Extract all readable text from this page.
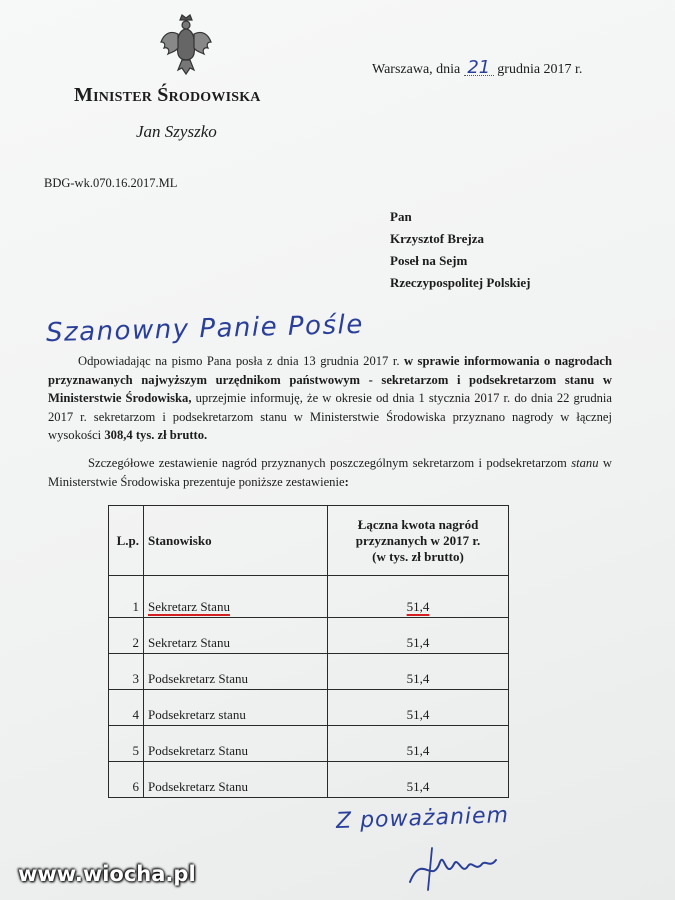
Minister Środowiska
Jan Szyszko
Warszawa, dnia 21 grudnia 2017 r.
BDG-wk.070.16.2017.ML
Pan
Krzysztof Brejza
Poseł na Sejm
Rzeczypospolitej Polskiej
Szanowny Panie Pośle
Odpowiadając na pismo Pana posła z dnia 13 grudnia 2017 r. w sprawie informowania o nagrodach przyznawanych najwyższym urzędnikom państwowym - sekretarzom i podsekretarzom stanu w Ministerstwie Środowiska, uprzejmie informuję, że w okresie od dnia 1 stycznia 2017 r. do dnia 22 grudnia 2017 r. sekretarzom i podsekretarzom stanu w Ministerstwie Środowiska przyznano nagrody w łącznej wysokości 308,4 tys. zł brutto.
Szczegółowe zestawienie nagród przyznanych poszczególnym sekretarzom i podsekretarzom stanu w Ministerstwie Środowiska prezentuje poniższe zestawienie:
L.p.	Stanowisko	Łączna kwota nagród
przyznanych w 2017 r.
(w tys. zł brutto)

1	Sekretarz Stanu	51,4
2	Sekretarz Stanu	51,4
3	Podsekretarz Stanu	51,4
4	Podsekretarz stanu	51,4
5	Podsekretarz Stanu	51,4
6	Podsekretarz Stanu	51,4
Z poważaniem
www.wiocha.pl
